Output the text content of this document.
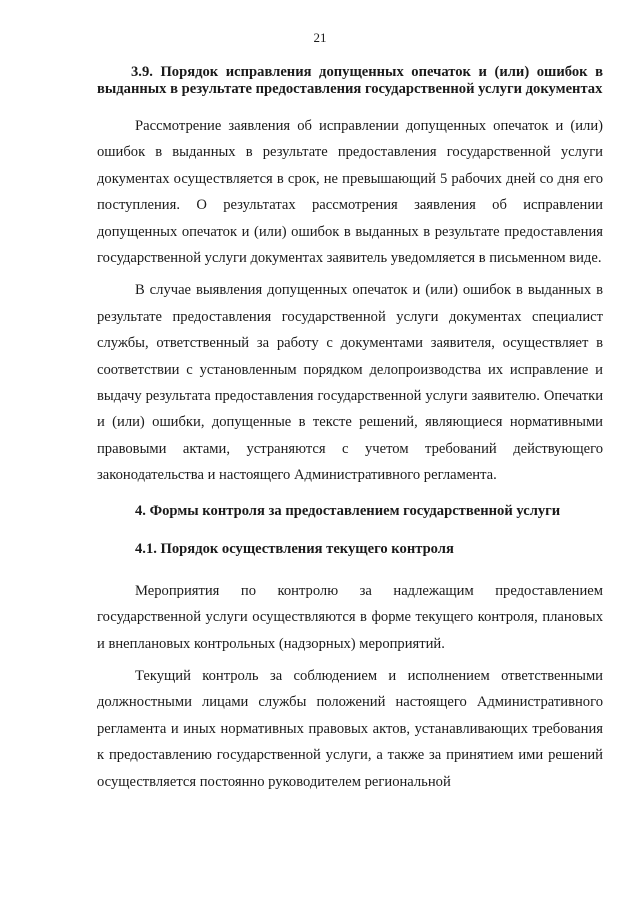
21

3.9. Порядок исправления допущенных опечаток и (или) ошибок в выданных в результате предоставления государственной услуги документах

Рассмотрение заявления об исправлении допущенных опечаток и (или) ошибок в выданных в результате предоставления государственной услуги документах осуществляется в срок, не превышающий 5 рабочих дней со дня его поступления. О результатах рассмотрения заявления об исправлении допущенных опечаток и (или) ошибок в выданных в результате предоставления государственной услуги документах заявитель уведомляется в письменном виде.

В случае выявления допущенных опечаток и (или) ошибок в выданных в результате предоставления государственной услуги документах специалист службы, ответственный за работу с документами заявителя, осуществляет в соответствии с установленным порядком делопроизводства их исправление и выдачу результата предоставления государственной услуги заявителю. Опечатки и (или) ошибки, допущенные в тексте решений, являющиеся нормативными правовыми актами, устраняются с учетом требований действующего законодательства и настоящего Административного регламента.

4. Формы контроля за предоставлением государственной услуги

4.1. Порядок осуществления текущего контроля

Мероприятия по контролю за надлежащим предоставлением государственной услуги осуществляются в форме текущего контроля, плановых и внеплановых контрольных (надзорных) мероприятий.

Текущий контроль за соблюдением и исполнением ответственными должностными лицами службы положений настоящего Административного регламента и иных нормативных правовых актов, устанавливающих требования к предоставлению государственной услуги, а также за принятием ими решений осуществляется постоянно руководителем региональной
